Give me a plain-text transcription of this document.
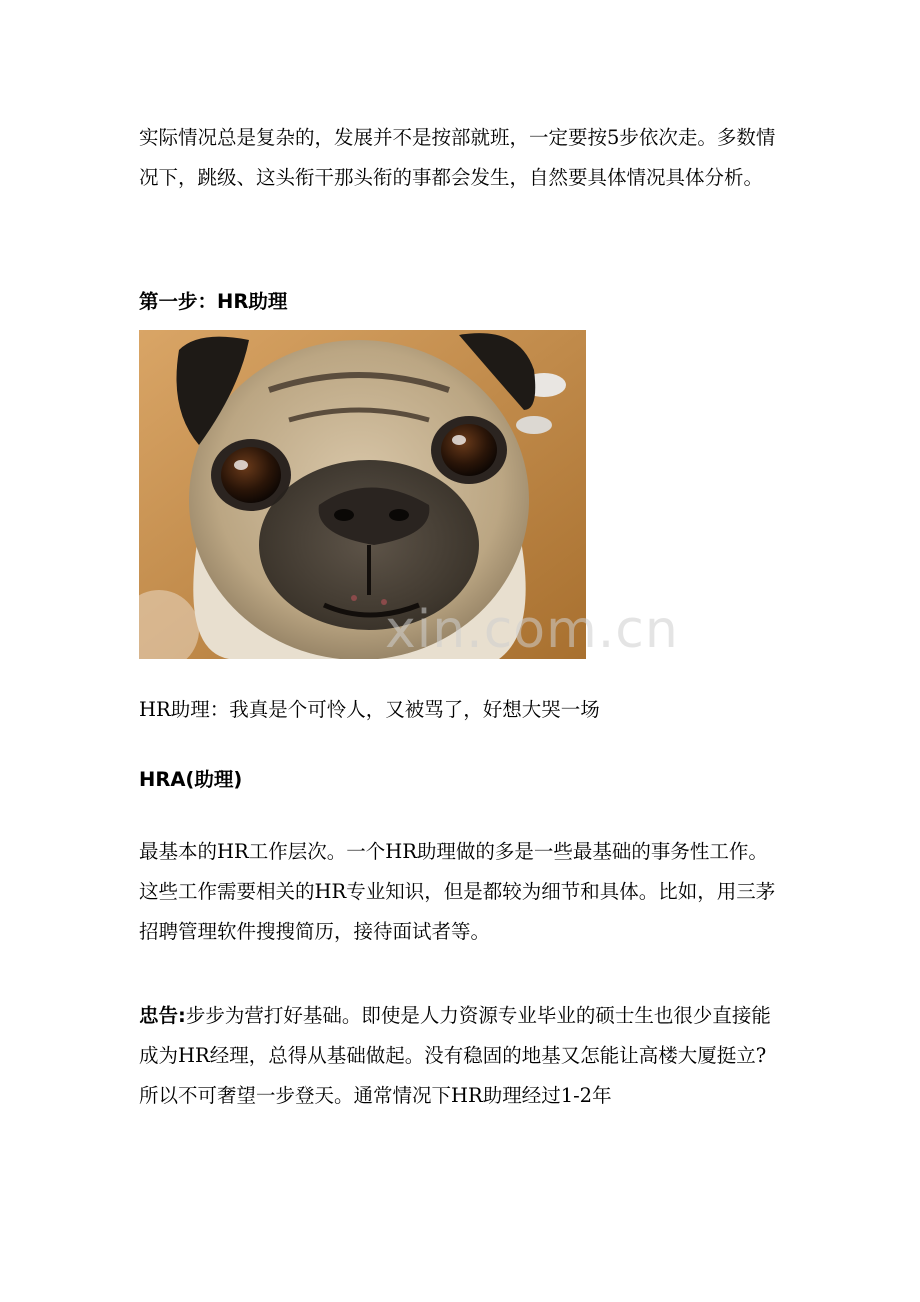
实际情况总是复杂的，发展并不是按部就班，一定要按5步依次走。多数情况下，跳级、这头衔干那头衔的事都会发生，自然要具体情况具体分析。

第一步：HR助理

xin.com.cn

HR助理：我真是个可怜人，又被骂了，好想大哭一场

HRA(助理)

最基本的HR工作层次。一个HR助理做的多是一些最基础的事务性工作。这些工作需要相关的HR专业知识，但是都较为细节和具体。比如，用三茅招聘管理软件搜搜简历，接待面试者等。

忠告:步步为营打好基础。即使是人力资源专业毕业的硕士生也很少直接能成为HR经理，总得从基础做起。没有稳固的地基又怎能让高楼大厦挺立?所以不可奢望一步登天。通常情况下HR助理经过1-2年
